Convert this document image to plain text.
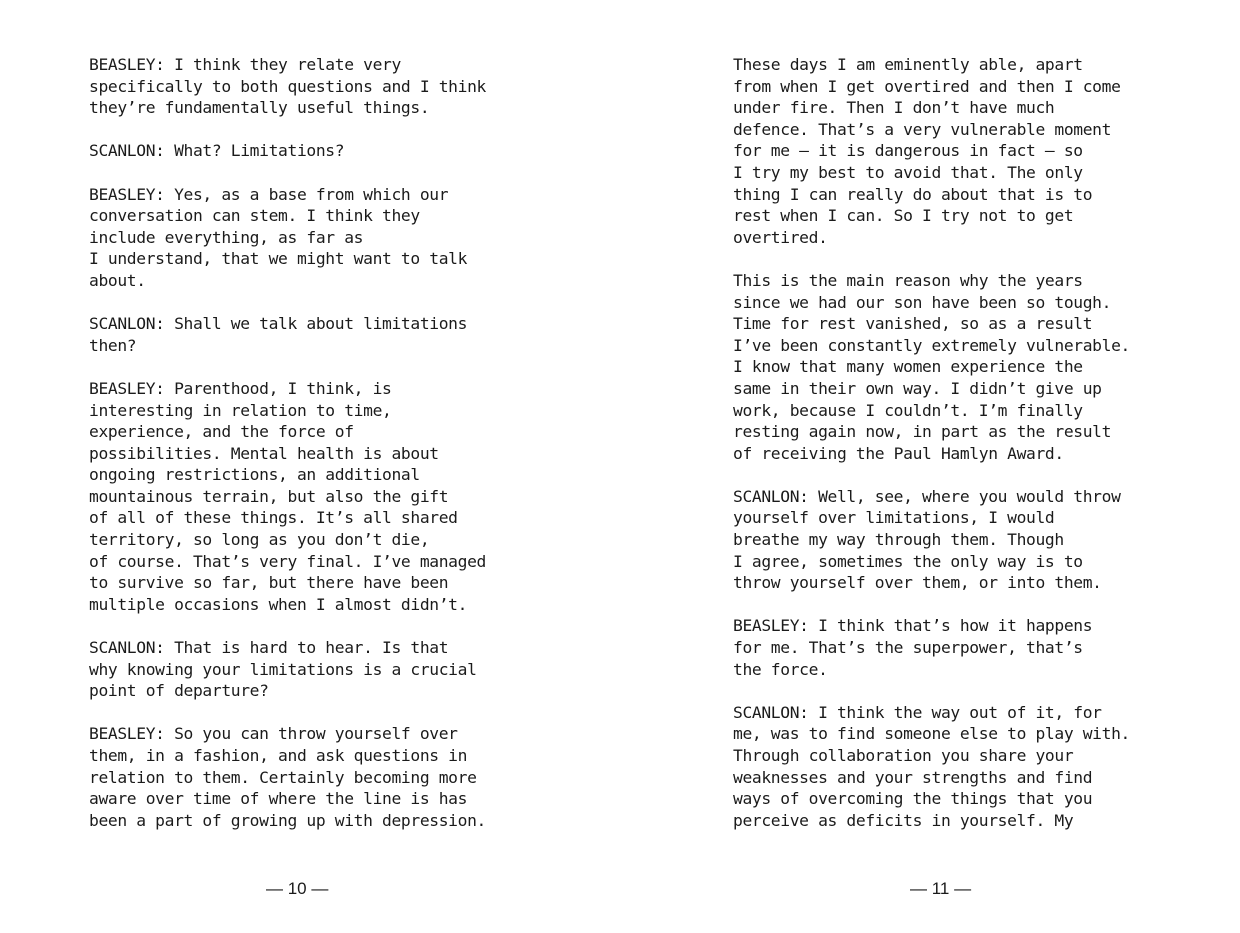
BEASLEY: I think they relate very
specifically to both questions and I think
they’re fundamentally useful things.

SCANLON: What? Limitations?

BEASLEY: Yes, as a base from which our
conversation can stem. I think they
include everything, as far as
I understand, that we might want to talk
about.

SCANLON: Shall we talk about limitations
then?

BEASLEY: Parenthood, I think, is
interesting in relation to time,
experience, and the force of
possibilities. Mental health is about
ongoing restrictions, an additional
mountainous terrain, but also the gift
of all of these things. It’s all shared
territory, so long as you don’t die,
of course. That’s very final. I’ve managed
to survive so far, but there have been
multiple occasions when I almost didn’t.

SCANLON: That is hard to hear. Is that
why knowing your limitations is a crucial
point of departure?

BEASLEY: So you can throw yourself over
them, in a fashion, and ask questions in
relation to them. Certainly becoming more
aware over time of where the line is has
been a part of growing up with depression.

— 10 —

These days I am eminently able, apart
from when I get overtired and then I come
under fire. Then I don’t have much
defence. That’s a very vulnerable moment
for me — it is dangerous in fact — so
I try my best to avoid that. The only
thing I can really do about that is to
rest when I can. So I try not to get
overtired.

This is the main reason why the years
since we had our son have been so tough.
Time for rest vanished, so as a result
I’ve been constantly extremely vulnerable.
I know that many women experience the
same in their own way. I didn’t give up
work, because I couldn’t. I’m finally
resting again now, in part as the result
of receiving the Paul Hamlyn Award.

SCANLON: Well, see, where you would throw
yourself over limitations, I would
breathe my way through them. Though
I agree, sometimes the only way is to
throw yourself over them, or into them.

BEASLEY: I think that’s how it happens
for me. That’s the superpower, that’s
the force.

SCANLON: I think the way out of it, for
me, was to find someone else to play with.
Through collaboration you share your
weaknesses and your strengths and find
ways of overcoming the things that you
perceive as deficits in yourself. My

— 11 —
